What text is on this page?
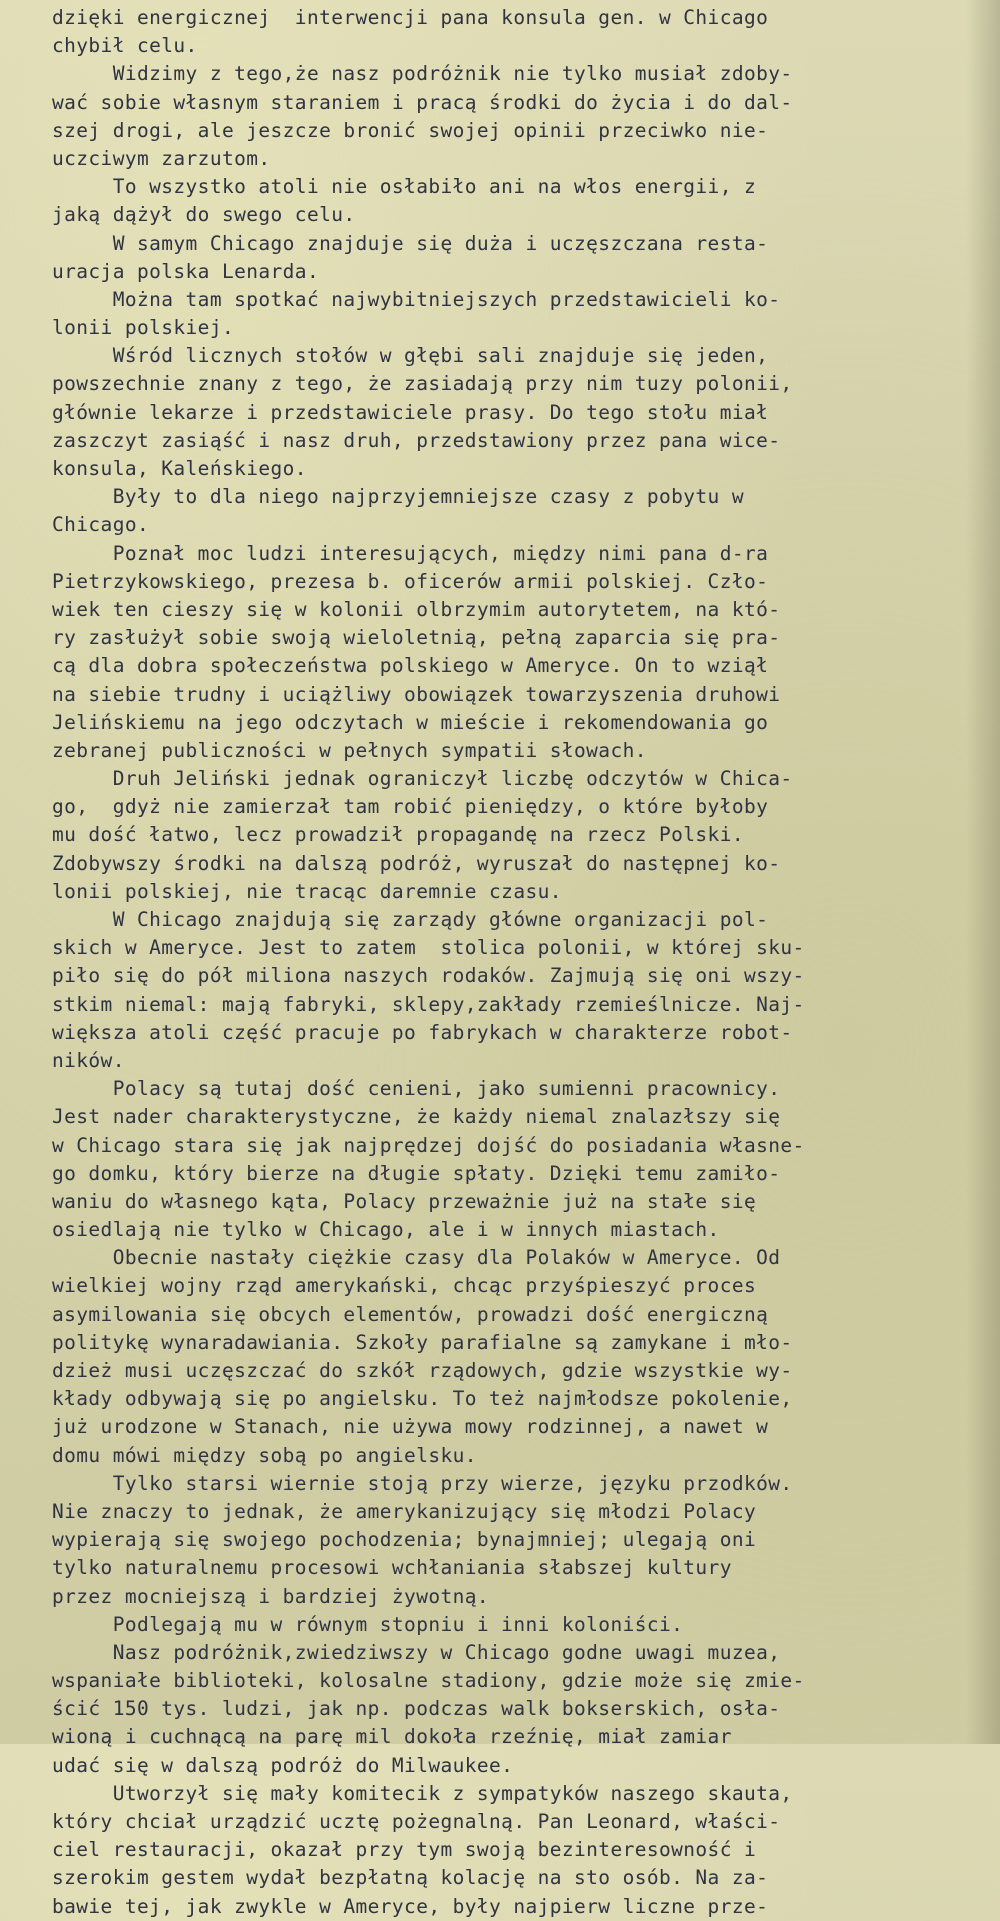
dzięki energicznej  interwencji pana konsula gen. w Chicago
chybił celu.
Widzimy z tego,że nasz podróżnik nie tylko musiał zdoby-
wać sobie własnym staraniem i pracą środki do życia i do dal-
szej drogi, ale jeszcze bronić swojej opinii przeciwko nie-
uczciwym zarzutom.
To wszystko atoli nie osłabiło ani na włos energii, z
jaką dążył do swego celu.
W samym Chicago znajduje się duża i uczęszczana resta-
uracja polska Lenarda.
Można tam spotkać najwybitniejszych przedstawicieli ko-
lonii polskiej.
Wśród licznych stołów w głębi sali znajduje się jeden,
powszechnie znany z tego, że zasiadają przy nim tuzy polonii,
głównie lekarze i przedstawiciele prasy. Do tego stołu miał
zaszczyt zasiąść i nasz druh, przedstawiony przez pana wice-
konsula, Kaleńskiego.
Były to dla niego najprzyjemniejsze czasy z pobytu w
Chicago.
Poznał moc ludzi interesujących, między nimi pana d-ra
Pietrzykowskiego, prezesa b. oficerów armii polskiej. Czło-
wiek ten cieszy się w kolonii olbrzymim autorytetem, na któ-
ry zasłużył sobie swoją wieloletnią, pełną zaparcia się pra-
cą dla dobra społeczeństwa polskiego w Ameryce. On to wziął
na siebie trudny i uciążliwy obowiązek towarzyszenia druhowi
Jelińskiemu na jego odczytach w mieście i rekomendowania go
zebranej publiczności w pełnych sympatii słowach.
Druh Jeliński jednak ograniczył liczbę odczytów w Chica-
go,  gdyż nie zamierzał tam robić pieniędzy, o które byłoby
mu dość łatwo, lecz prowadził propagandę na rzecz Polski.
Zdobywszy środki na dalszą podróż, wyruszał do następnej ko-
lonii polskiej, nie tracąc daremnie czasu.
W Chicago znajdują się zarządy główne organizacji pol-
skich w Ameryce. Jest to zatem  stolica polonii, w której sku-
piło się do pół miliona naszych rodaków. Zajmują się oni wszy-
stkim niemal: mają fabryki, sklepy,zakłady rzemieślnicze. Naj-
większa atoli część pracuje po fabrykach w charakterze robot-
ników.
Polacy są tutaj dość cenieni, jako sumienni pracownicy.
Jest nader charakterystyczne, że każdy niemal znalazłszy się
w Chicago stara się jak najprędzej dojść do posiadania własne-
go domku, który bierze na długie spłaty. Dzięki temu zamiło-
waniu do własnego kąta, Polacy przeważnie już na stałe się
osiedlają nie tylko w Chicago, ale i w innych miastach.
Obecnie nastały ciężkie czasy dla Polaków w Ameryce. Od
wielkiej wojny rząd amerykański, chcąc przyśpieszyć proces
asymilowania się obcych elementów, prowadzi dość energiczną
politykę wynaradawiania. Szkoły parafialne są zamykane i mło-
dzież musi uczęszczać do szkół rządowych, gdzie wszystkie wy-
kłady odbywają się po angielsku. To też najmłodsze pokolenie,
już urodzone w Stanach, nie używa mowy rodzinnej, a nawet w
domu mówi między sobą po angielsku.
Tylko starsi wiernie stoją przy wierze, języku przodków.
Nie znaczy to jednak, że amerykanizujący się młodzi Polacy
wypierają się swojego pochodzenia; bynajmniej; ulegają oni
tylko naturalnemu procesowi wchłaniania słabszej kultury
przez mocniejszą i bardziej żywotną.
Podlegają mu w równym stopniu i inni koloniści.
Nasz podróżnik,zwiedziwszy w Chicago godne uwagi muzea,
wspaniałe biblioteki, kolosalne stadiony, gdzie może się zmie-
ścić 150 tys. ludzi, jak np. podczas walk bokserskich, osła-
wioną i cuchnącą na parę mil dokoła rzeźnię, miał zamiar
udać się w dalszą podróż do Milwaukee.
Utworzył się mały komitecik z sympatyków naszego skauta,
który chciał urządzić ucztę pożegnalną. Pan Leonard, właści-
ciel restauracji, okazał przy tym swoją bezinteresowność i
szerokim gestem wydał bezpłatną kolację na sto osób. Na za-
bawie tej, jak zwykle w Ameryce, były najpierw liczne prze-
